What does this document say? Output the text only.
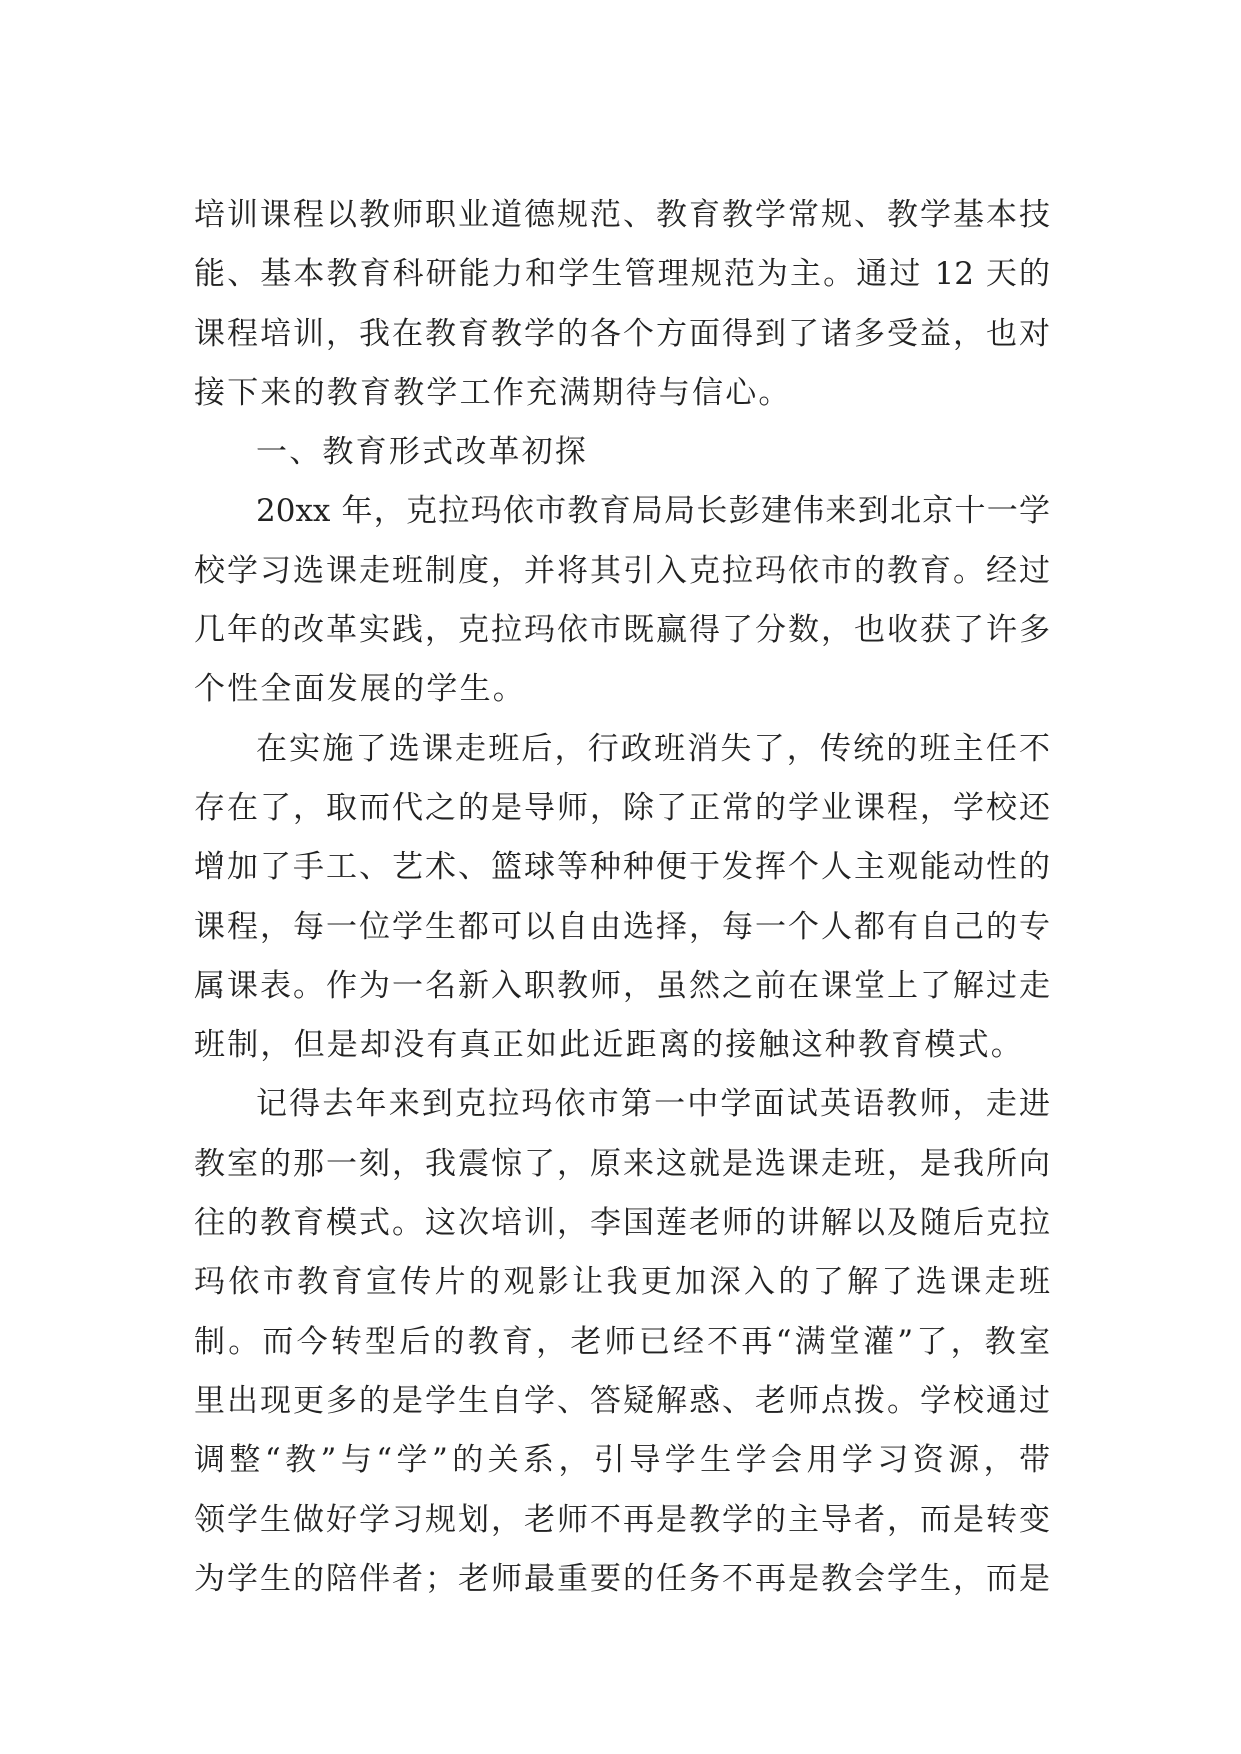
培训课程以教师职业道德规范、教育教学常规、教学基本技
能、基本教育科研能力和学生管理规范为主。通过 12 天的
课程培训，我在教育教学的各个方面得到了诸多受益，也对
接下来的教育教学工作充满期待与信心。
一、教育形式改革初探
20xx 年，克拉玛依市教育局局长彭建伟来到北京十一学
校学习选课走班制度，并将其引入克拉玛依市的教育。经过
几年的改革实践，克拉玛依市既赢得了分数，也收获了许多
个性全面发展的学生。
在实施了选课走班后，行政班消失了，传统的班主任不
存在了，取而代之的是导师，除了正常的学业课程，学校还
增加了手工、艺术、篮球等种种便于发挥个人主观能动性的
课程，每一位学生都可以自由选择，每一个人都有自己的专
属课表。作为一名新入职教师，虽然之前在课堂上了解过走
班制，但是却没有真正如此近距离的接触这种教育模式。
记得去年来到克拉玛依市第一中学面试英语教师，走进
教室的那一刻，我震惊了，原来这就是选课走班，是我所向
往的教育模式。这次培训，李国莲老师的讲解以及随后克拉
玛依市教育宣传片的观影让我更加深入的了解了选课走班
制。而今转型后的教育，老师已经不再“满堂灌”了，教室
里出现更多的是学生自学、答疑解惑、老师点拨。学校通过
调整“教”与“学”的关系，引导学生学会用学习资源，带
领学生做好学习规划，老师不再是教学的主导者，而是转变
为学生的陪伴者；老师最重要的任务不再是教会学生，而是
